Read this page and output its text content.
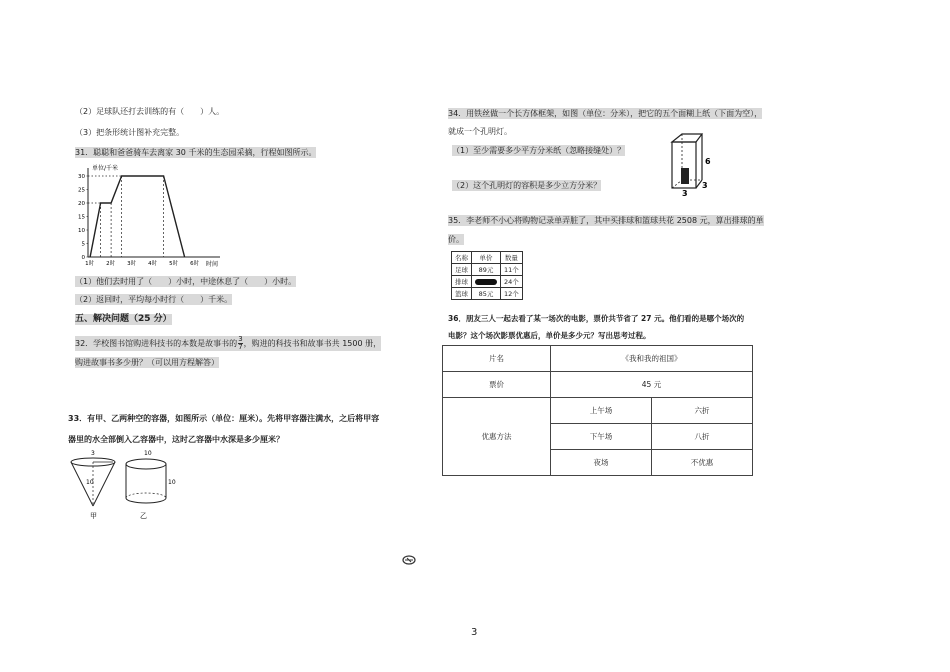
（2）足球队还打去训练的有（　　）人。
（3）把条形统计图补充完整。
31．聪聪和爸爸骑车去离家 30 千米的生态园采摘，行程如图所示。
单位/千米
30
25
20
15
10
5
0
1时 2时 3时 4时 5时 6时 时间
（1）他们去时用了（　　）小时，中途休息了（　　）小时。
（2）返回时，平均每小时行（　　）千米。
五、解决问题（25 分）
32．学校图书馆购进科技书的本数是故事书的 $\frac{3}{7}$ ，购进的科技书和故事书共 1500 册，
购进故事书多少册？（可以用方程解答）
33．有甲、乙两种空的容器，如图所示（单位：厘米）。先将甲容器注满水，之后将甲容
器里的水全部倒入乙容器中，这时乙容器中水深是多少厘米？
3
10
甲
10
10
乙
34．用铁丝做一个长方体框架，如图（单位：分米），把它的五个面糊上纸（下面为空），
就成一个孔明灯。
（1）至少需要多少平方分米纸（忽略接缝处）？
（2）这个孔明灯的容积是多少立方分米？
6
3
3
35．李老师不小心将购物记录单弄脏了，其中买排球和篮球共花 2508 元，算出排球的单
价。
名称	单价	数量
足球	89元	11个
排球		24个
篮球	85元	12个
36．朋友三人一起去看了某一场次的电影，票价共节省了 27 元。他们看的是哪个场次的
电影？这个场次影票优惠后，单价是多少元？写出思考过程。
片名	《我和我的祖国》	
票价	45 元	
优惠方法	上午场	六折
	下午场	八折
	夜场	不优惠
3
